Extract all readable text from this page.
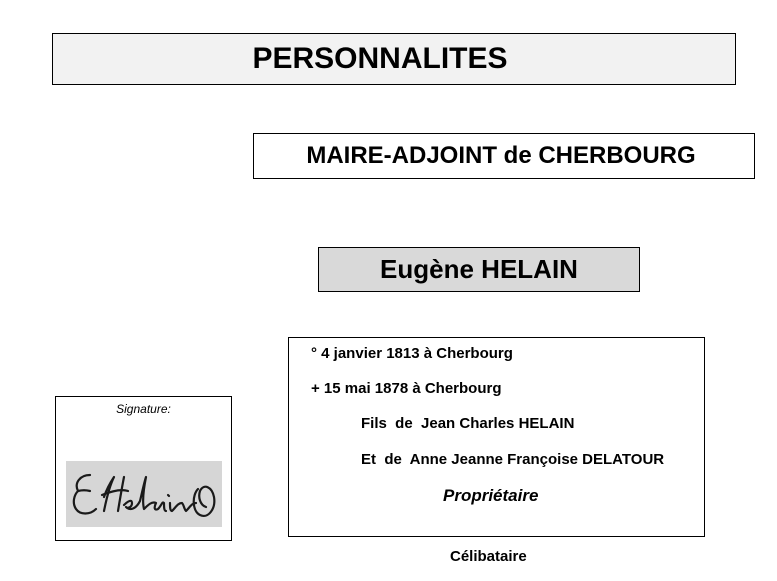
PERSONNALITES
MAIRE-ADJOINT de CHERBOURG
Eugène HELAIN
° 4 janvier 1813 à Cherbourg
+ 15 mai 1878 à Cherbourg
Fils  de  Jean Charles HELAIN
Et  de  Anne Jeanne Françoise DELATOUR
Propriétaire
Célibataire
Signature:
